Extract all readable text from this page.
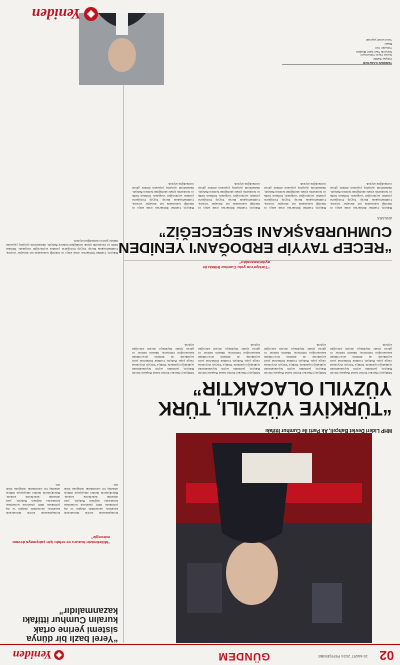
02
15 MART 2024 PERŞEMBE
GÜNDEM
Yeniden
MHP Lideri Devlet Bahçeli, Ak Parti ile Cumhur İttifakı
“TÜRKİYE YÜZYILI, TÜRK YÜZYILI OLACAKTIR”
Milliyetçi Hareket Partisi Genel Başkanı Devlet Bahçeli, partisinin seçim beyannamesini açıkladığı toplantıda Türkiye Yüzyılı vizyonuna vurgu yaptı. Bahçeli, Cumhur İttifakı'nın yerel seçimlerde de milletin teveccühünü kazanacağını belirterek, ülkenin istikrar ve güven içinde büyümeye devam edeceğini söyledi.
Milliyetçi Hareket Partisi Genel Başkanı Devlet Bahçeli, partisinin seçim beyannamesini açıkladığı toplantıda Türkiye Yüzyılı vizyonuna vurgu yaptı. Bahçeli, Cumhur İttifakı'nın yerel seçimlerde de milletin teveccühünü kazanacağını belirterek, ülkenin istikrar ve güven içinde büyümeye devam edeceğini söyledi.
Milliyetçi Hareket Partisi Genel Başkanı Devlet Bahçeli, partisinin seçim beyannamesini açıkladığı toplantıda Türkiye Yüzyılı vizyonuna vurgu yaptı. Bahçeli, Cumhur İttifakı'nın yerel seçimlerde de milletin teveccühünü kazanacağını belirterek, ülkenin istikrar ve güven içinde büyümeye devam edeceğini söyledi.
Milliyetçi Hareket Partisi Genel Başkanı Devlet Bahçeli, partisinin seçim beyannamesini açıkladığı toplantıda Türkiye Yüzyılı vizyonuna vurgu yaptı. Bahçeli, Cumhur İttifakı'nın yerel seçimlerde de milletin teveccühünü kazanacağını belirterek, ülkenin istikrar ve güven içinde büyümeye devam edeceğini söyledi.
“Yerel bazlı bir dünya sistemi yerine ortak kuralın Cumhur ittifakı kazanmalıdır”
“Milletimizin huzuru ve refahı için çalışmaya devam edeceğiz”
Konuşmasında terörle mücadelede kararlılık, ekonomide disiplin ve dış politikada milli çıkarların korunması konularına değinen Bahçeli, yeni dönemin hedeflerini sıraladı. Belediyelerin hizmet anlayışının millete adanmış bir sorumluluk olduğunu ifade etti.
Konuşmasında terörle mücadelede kararlılık, ekonomide disiplin ve dış politikada milli çıkarların korunması konularına değinen Bahçeli, yeni dönemin hedeflerini sıraladı. Belediyelerin hizmet anlayışının millete adanmış bir sorumluluk olduğunu ifade etti.
“RECEP TAYYİP ERDOĞAN'I YENİDEN CUMHURBAŞKANI SEÇECEĞİZ”
ANKARA
“Türkiye'nin yolu Cumhur İttifakı ile aydınlanacaktır”
Bahçeli, Cumhur İttifakı'nın ortak adayı ve liderliği konusunda net mesajlar vererek, Cumhurbaşkanı Recep Tayyip Erdoğan'ın yeniden seçileceğini vurguladı. İttifakın birlik ve beraberlik içinde sürdüğünü belirten Bahçeli, muhalefetin ayrışmış yapısının millete güven vermediğini söyledi.
Bahçeli, Cumhur İttifakı'nın ortak adayı ve liderliği konusunda net mesajlar vererek, Cumhurbaşkanı Recep Tayyip Erdoğan'ın yeniden seçileceğini vurguladı. İttifakın birlik ve beraberlik içinde sürdüğünü belirten Bahçeli, muhalefetin ayrışmış yapısının millete güven vermediğini söyledi.
Bahçeli, Cumhur İttifakı'nın ortak adayı ve liderliği konusunda net mesajlar vererek, Cumhurbaşkanı Recep Tayyip Erdoğan'ın yeniden seçileceğini vurguladı. İttifakın birlik ve beraberlik içinde sürdüğünü belirten Bahçeli, muhalefetin ayrışmış yapısının millete güven vermediğini söyledi.
Bahçeli, Cumhur İttifakı'nın ortak adayı ve liderliği konusunda net mesajlar vererek, Cumhurbaşkanı Recep Tayyip Erdoğan'ın yeniden seçileceğini vurguladı. İttifakın birlik ve beraberlik içinde sürdüğünü belirten Bahçeli, muhalefetin ayrışmış yapısının millete güven vermediğini söyledi.
Bahçeli, Cumhur İttifakı'nın ortak adayı ve liderliği konusunda net mesajlar vererek, Cumhurbaşkanı Recep Tayyip Erdoğan'ın yeniden seçileceğini vurguladı. İttifakın birlik ve beraberlik içinde sürdüğünü belirten Bahçeli, muhalefetin ayrışmış yapısının millete güven vermediğini söyledi.
YENİDEN GAZETESİ
İmtiyaz Sahibi
Genel Yayın Yönetmeni
Sorumlu Yazı İşleri Müdürü
Yönetim Yeri
Baskı
Yerel süreli yayındır
Yeniden
